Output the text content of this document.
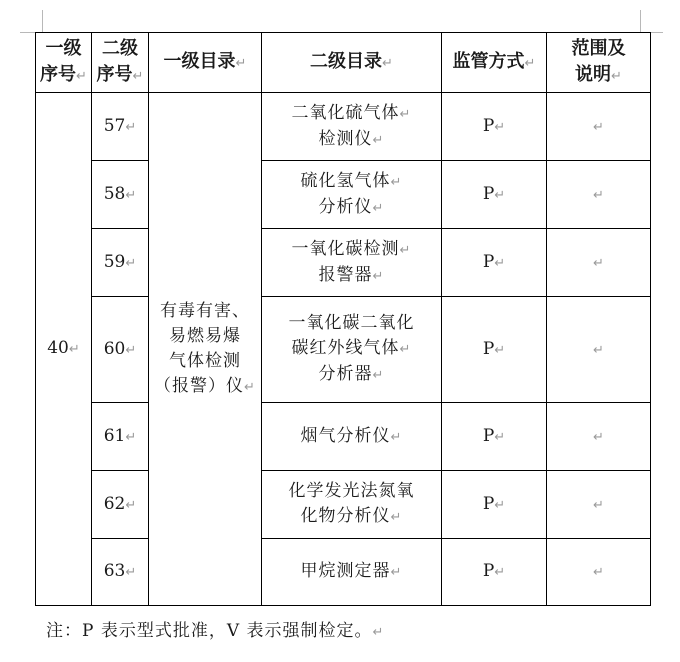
一级
序号↵	二级
序号↵	一级目录↵	二级目录↵	监管方式↵	范围及
说明↵
40↵	57↵	有毒有害、
易燃易爆
气体检测
（报警）仪↵	二氧化硫气体↵
检测仪↵	P↵	↵
	58↵		硫化氢气体↵
分析仪↵	P↵	↵
	59↵		一氧化碳检测↵
报警器↵	P↵	↵
	60↵		一氧化碳二氧化
碳红外线气体↵
分析器↵	P↵	↵
	61↵		烟气分析仪↵	P↵	↵
	62↵		化学发光法氮氧
化物分析仪↵	P↵	↵
	63↵		甲烷测定器↵	P↵	↵
注：P 表示型式批准，V 表示强制检定。↵
